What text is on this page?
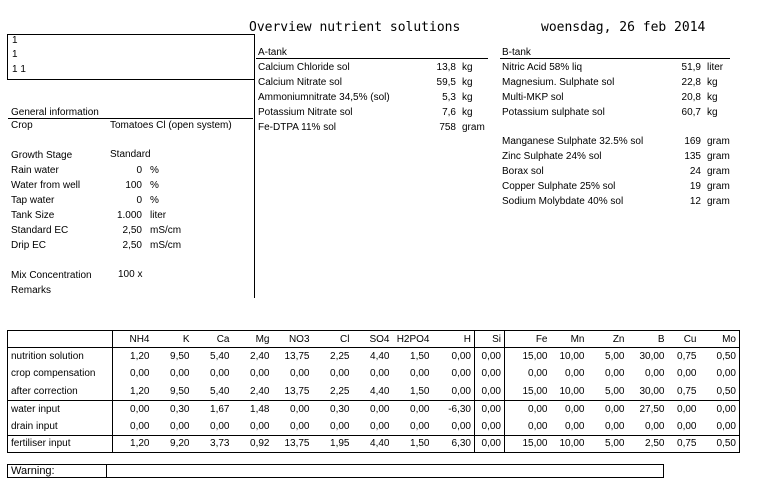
Overview nutrient solutions	woensdag, 26 feb 2014
1
1
1 1
General information
Crop	Tomatoes Cl (open system)
Growth Stage	Standard
Rain water	0 %
Water from well	100 %
Tap water	0 %
Tank Size	1.000 liter
Standard EC	2,50 mS/cm
Drip EC	2,50 mS/cm
Mix Concentration	100 x
Remarks
A-tank
Calcium Chloride sol	13,8 kg
Calcium Nitrate sol	59,5 kg
Ammoniumnitrate 34,5% (sol)	5,3 kg
Potassium Nitrate sol	7,6 kg
Fe-DTPA 11% sol	758 gram
B-tank
Nitric Acid 58% liq	51,9 liter
Magnesium. Sulphate sol	22,8 kg
Multi-MKP sol	20,8 kg
Potassium sulphate sol	60,7 kg
Manganese Sulphate 32.5% sol	169 gram
Zinc Sulphate 24% sol	135 gram
Borax sol	24 gram
Copper Sulphate 25% sol	19 gram
Sodium Molybdate 40% sol	12 gram
	NH4	K	Ca	Mg	NO3	Cl	SO4	H2PO4	H	Si	Fe	Mn	Zn	B	Cu	Mo
nutrition solution	1,20	9,50	5,40	2,40	13,75	2,25	4,40	1,50	0,00	0,00	15,00	10,00	5,00	30,00	0,75	0,50
crop compensation	0,00	0,00	0,00	0,00	0,00	0,00	0,00	0,00	0,00	0,00	0,00	0,00	0,00	0,00	0,00	0,00
after correction	1,20	9,50	5,40	2,40	13,75	2,25	4,40	1,50	0,00	0,00	15,00	10,00	5,00	30,00	0,75	0,50
water input	0,00	0,30	1,67	1,48	0,00	0,30	0,00	0,00	-6,30	0,00	0,00	0,00	0,00	27,50	0,00	0,00
drain input	0,00	0,00	0,00	0,00	0,00	0,00	0,00	0,00	0,00	0,00	0,00	0,00	0,00	0,00	0,00	0,00
fertiliser input	1,20	9,20	3,73	0,92	13,75	1,95	4,40	1,50	6,30	0,00	15,00	10,00	5,00	2,50	0,75	0,50
Warning:
